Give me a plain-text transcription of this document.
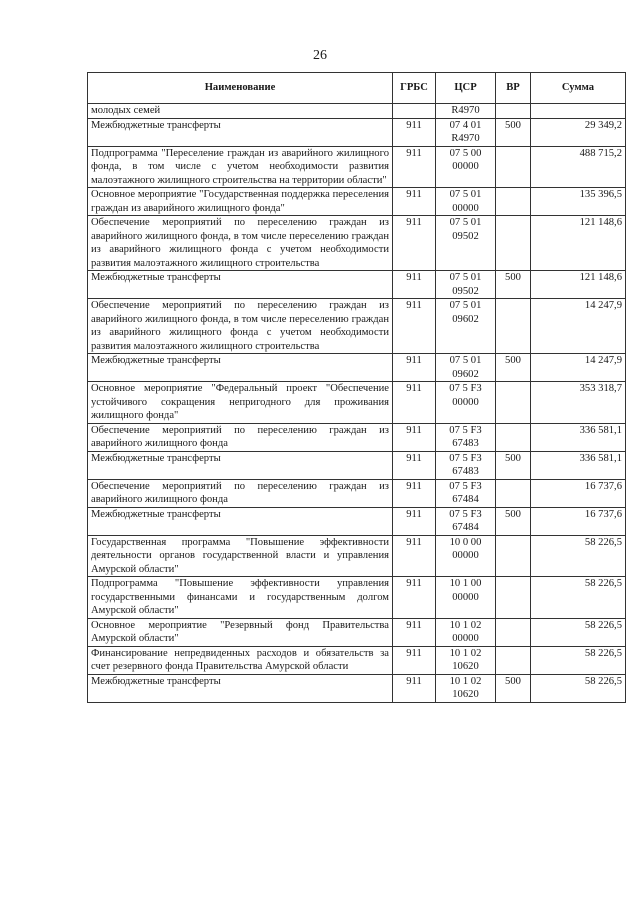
26
Наименование	ГРБС	ЦСР	ВР	Сумма
молодых семей		R4970		
Межбюджетные трансферты	911	07 4 01 R4970	500	29 349,2
Подпрограмма "Переселение граждан из аварийного жилищного фонда, в том числе с учетом необходимости развития малоэтажного жилищного строительства на территории области"	911	07 5 00 00000		488 715,2
Основное мероприятие "Государственная поддержка переселения граждан из аварийного жилищного фонда"	911	07 5 01 00000		135 396,5
Обеспечение мероприятий по переселению граждан из аварийного жилищного фонда, в том числе переселению граждан из аварийного жилищного фонда с учетом необходимости развития малоэтажного жилищного строительства	911	07 5 01 09502		121 148,6
Межбюджетные трансферты	911	07 5 01 09502	500	121 148,6
Обеспечение мероприятий по переселению граждан из аварийного жилищного фонда, в том числе переселению граждан из аварийного жилищного фонда с учетом необходимости развития малоэтажного жилищного строительства	911	07 5 01 09602		14 247,9
Межбюджетные трансферты	911	07 5 01 09602	500	14 247,9
Основное мероприятие "Федеральный проект "Обеспечение устойчивого сокращения непригодного для проживания жилищного фонда"	911	07 5 F3 00000		353 318,7
Обеспечение мероприятий по переселению граждан из аварийного жилищного фонда	911	07 5 F3 67483		336 581,1
Межбюджетные трансферты	911	07 5 F3 67483	500	336 581,1
Обеспечение мероприятий по переселению граждан из аварийного жилищного фонда	911	07 5 F3 67484		16 737,6
Межбюджетные трансферты	911	07 5 F3 67484	500	16 737,6
Государственная программа "Повышение эффективности деятельности органов государственной власти и управления Амурской области"	911	10 0 00 00000		58 226,5
Подпрограмма "Повышение эффективности управления государственными финансами и государственным долгом Амурской области"	911	10 1 00 00000		58 226,5
Основное мероприятие "Резервный фонд Правительства Амурской области"	911	10 1 02 00000		58 226,5
Финансирование непредвиденных расходов и обязательств за счет резервного фонда Правительства Амурской области	911	10 1 02 10620		58 226,5
Межбюджетные трансферты	911	10 1 02 10620	500	58 226,5
